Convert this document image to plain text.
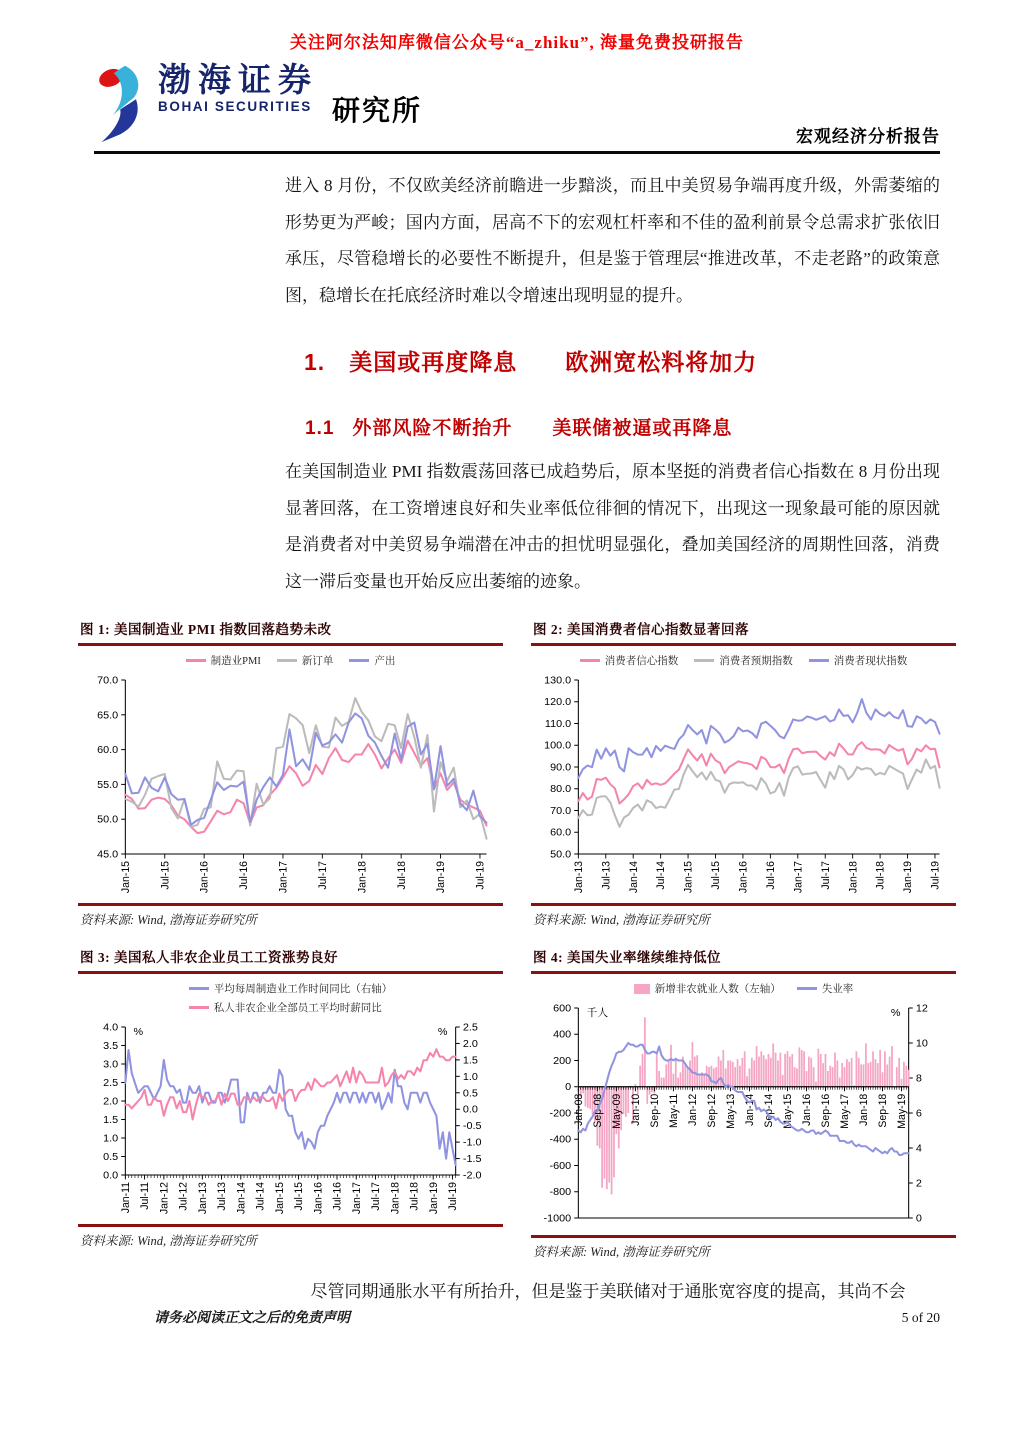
关注阿尔法知库微信公众号“a_zhiku”, 海量免费投研报告
渤海证券
BOHAI SECURITIES 研究所
宏观经济分析报告

进入 8 月份，不仅欧美经济前瞻进一步黯淡，而且中美贸易争端再度升级，外需萎缩的形势更为严峻；国内方面，居高不下的宏观杠杆率和不佳的盈利前景令总需求扩张依旧承压，尽管稳增长的必要性不断提升，但是鉴于管理层“推进改革，不走老路”的政策意图，稳增长在托底经济时难以令增速出现明显的提升。

1. 美国或再度降息　　欧洲宽松料将加力
1.1 外部风险不断抬升　　美联储被逼或再降息

在美国制造业 PMI 指数震荡回落已成趋势后，原本坚挺的消费者信心指数在 8 月份出现显著回落，在工资增速良好和失业率低位徘徊的情况下，出现这一现象最可能的原因就是消费者对中美贸易争端潜在冲击的担忧明显强化，叠加美国经济的周期性回落，消费这一滞后变量也开始反应出萎缩的迹象。

图 1: 美国制造业 PMI 指数回落趋势未改
制造业PMI	新订单	产出
45.0
50.0
55.0
60.0
65.0
70.0
Jan-15	Jul-15	Jan-16	Jul-16	Jan-17	Jul-17	Jan-18	Jul-18	Jan-19	Jul-19
资料来源: Wind, 渤海证券研究所
图 2: 美国消费者信心指数显著回落
消费者信心指数	消费者预期指数	消费者现状指数
50.0
60.0
70.0
80.0
90.0
100.0
110.0
120.0
130.0
Jan-13 Jul-13 Jan-14 Jul-14 Jan-15 Jul-15 Jan-16 Jul-16 Jan-17 Jul-17 Jan-18 Jul-18 Jan-19 Jul-19
资料来源: Wind, 渤海证券研究所
图 3: 美国私人非农企业员工工资涨势良好
平均每周制造业工作时间同比（右轴）
私人非农企业全部员工平均时薪同比
0.0
0.5
1.0
1.5
2.0
2.5
3.0
3.5
4.0
-2.0
-1.5
-1.0
-0.5
0.0
0.5
1.0
1.5
2.0
2.5
%	%
Jan-11 Jul-11 Jan-12 Jul-12 Jan-13 Jul-13 Jan-14 Jul-14 Jan-15 Jul-15 Jan-16 Jul-16 Jan-17 Jul-17 Jan-18 Jul-18 Jan-19 Jul-19
资料来源: Wind, 渤海证券研究所
图 4: 美国失业率继续维持低位
新增非农就业人数（左轴）	失业率
-1000
-800
-600
-400
-200
0
200
400
600
0
2
4
6
8
10
12
千人	%
Jan-08 Sep-08 May-09 Jan-10 Sep-10 May-11 Jan-12 Sep-12 May-13 Jan-14 Sep-14 May-15 Jan-16 Sep-16 May-17 Jan-18 Sep-18 May-19
资料来源: Wind, 渤海证券研究所

尽管同期通胀水平有所抬升，但是鉴于美联储对于通胀宽容度的提高，其尚不会

请务必阅读正文之后的免责声明	5 of 20
